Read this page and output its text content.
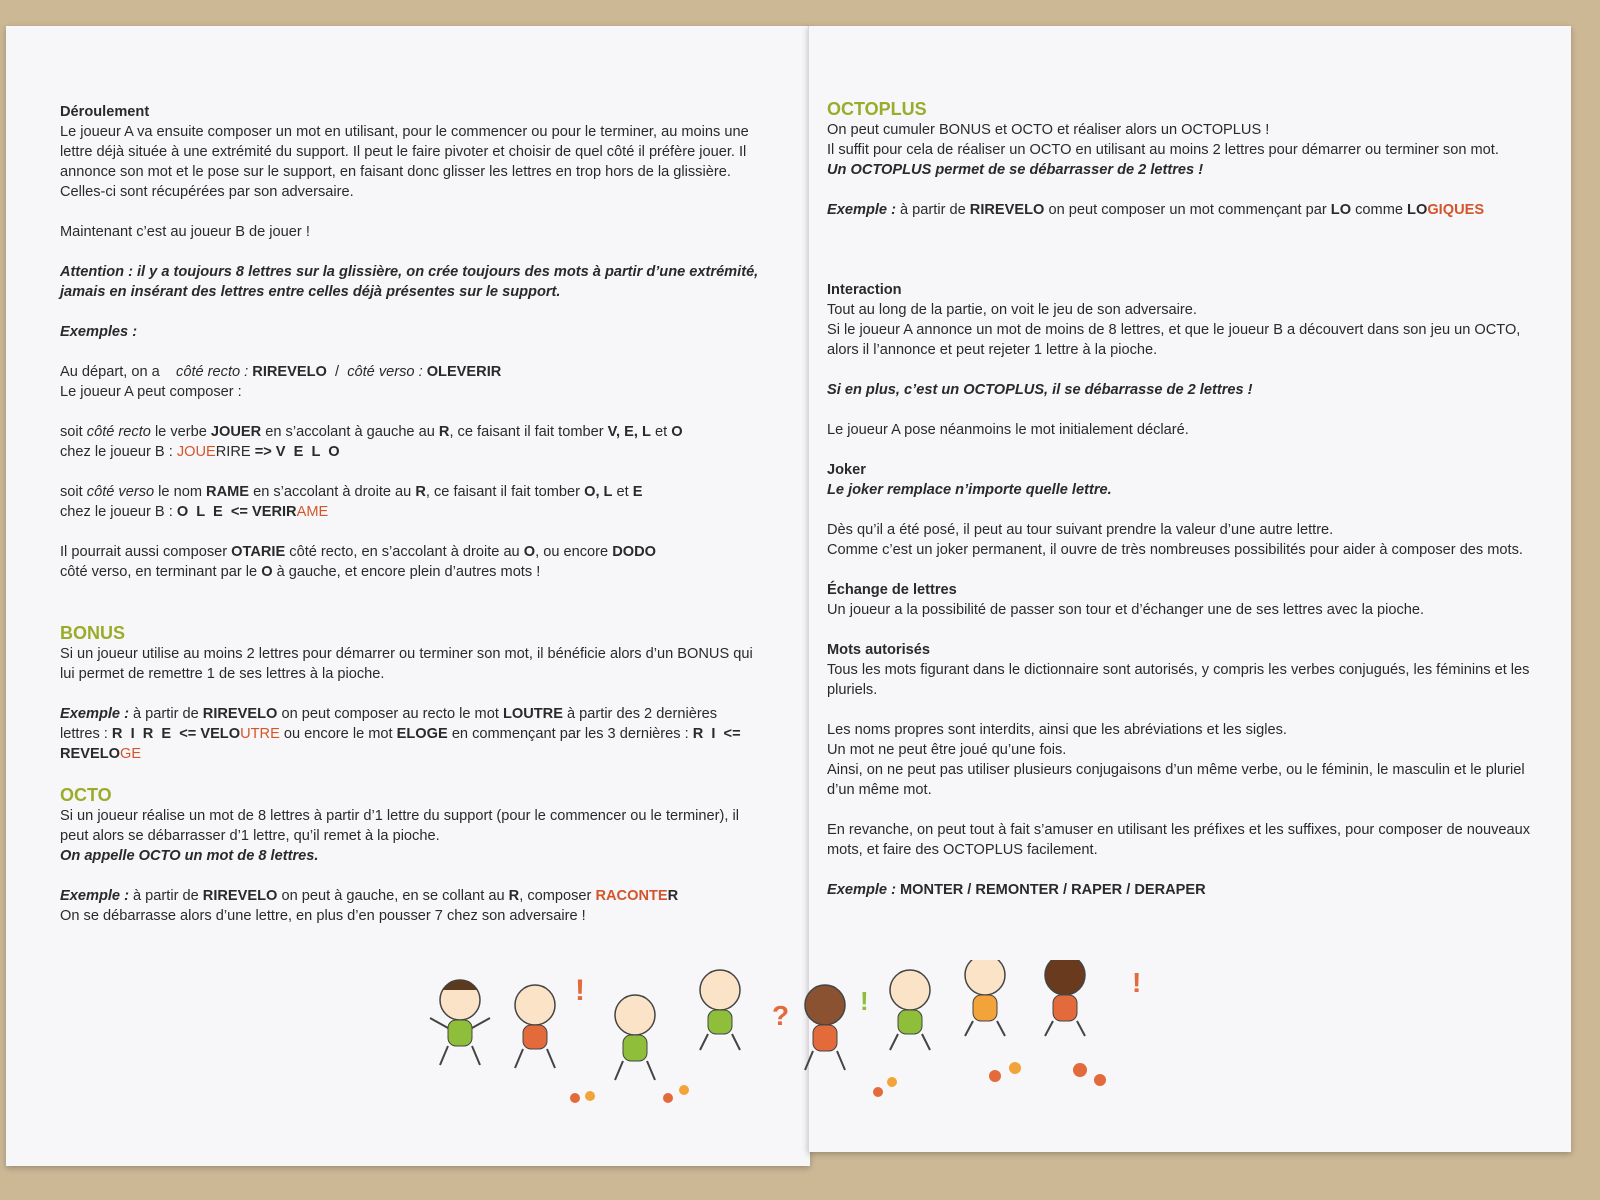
Déroulement

Le joueur A va ensuite composer un mot en utilisant, pour le commencer ou pour le terminer, au moins une lettre déjà située à une extrémité du support. Il peut le faire pivoter et choisir de quel côté il préfère jouer. Il annonce son mot et le pose sur le support, en faisant donc glisser les lettres en trop hors de la glissière. Celles-ci sont récupérées par son adversaire.

Maintenant c’est au joueur B de jouer !

Attention : il y a toujours 8 lettres sur la glissière, on crée toujours des mots à partir d’une extrémité, jamais en insérant des lettres entre celles déjà présentes sur le support.

Exemples :

Au départ, on a côté recto : RIREVELO / côté verso : OLEVERIR

Le joueur A peut composer :

soit côté recto le verbe JOUER en s’accolant à gauche au R, ce faisant il fait tomber V, E, L et O

chez le joueur B : JOUERIRE => V  E  L  O

soit côté verso le nom RAME en s’accolant à droite au R, ce faisant il fait tomber O, L et E

chez le joueur B : O  L  E  <= VERIRAME

Il pourrait aussi composer OTARIE côté recto, en s’accolant à droite au O, ou encore DODO

côté verso, en terminant par le O à gauche, et encore plein d’autres mots !

BONUS

Si un joueur utilise au moins 2 lettres pour démarrer ou terminer son mot, il bénéficie alors d’un BONUS qui lui permet de remettre 1 de ses lettres à la pioche.

Exemple : à partir de RIREVELO on peut composer au recto le mot LOUTRE à partir des 2 dernières lettres : R  I  R  E  <= VELOUTRE ou encore le mot ELOGE en commençant par les 3 dernières : R  I  <= REVELOGE

OCTO

Si un joueur réalise un mot de 8 lettres à partir d’1 lettre du support (pour le commencer ou le terminer), il peut alors se débarrasser d’1 lettre, qu’il remet à la pioche.

On appelle OCTO un mot de 8 lettres.

Exemple : à partir de RIREVELO on peut à gauche, en se collant au R, composer RACONTER

On se débarrasse alors d’une lettre, en plus d’en pousser 7 chez son adversaire !

OCTOPLUS

On peut cumuler BONUS et OCTO et réaliser alors un OCTOPLUS !

Il suffit pour cela de réaliser un OCTO en utilisant au moins 2 lettres pour démarrer ou terminer son mot.

Un OCTOPLUS permet de se débarrasser de 2 lettres !

Exemple : à partir de RIREVELO on peut composer un mot commençant par LO comme LOGIQUES

Interaction

Tout au long de la partie, on voit le jeu de son adversaire.

Si le joueur A annonce un mot de moins de 8 lettres, et que le joueur B a découvert dans son jeu un OCTO, alors il l’annonce et peut rejeter 1 lettre à la pioche.

Si en plus, c’est un OCTOPLUS, il se débarrasse de 2 lettres !

Le joueur A pose néanmoins le mot initialement déclaré.

Joker

Le joker remplace n’importe quelle lettre.

Dès qu’il a été posé, il peut au tour suivant prendre la valeur d’une autre lettre.

Comme c’est un joker permanent, il ouvre de très nombreuses possibilités pour aider à composer des mots.

Échange de lettres

Un joueur a la possibilité de passer son tour et d’échanger une de ses lettres avec la pioche.

Mots autorisés

Tous les mots figurant dans le dictionnaire sont autorisés, y compris les verbes conjugués, les féminins et les pluriels.

Les noms propres sont interdits, ainsi que les abréviations et les sigles.

Un mot ne peut être joué qu’une fois.

Ainsi, on ne peut pas utiliser plusieurs conjugaisons d’un même verbe, ou le féminin, le masculin et le pluriel d’un même mot.

En revanche, on peut tout à fait s’amuser en utilisant les préfixes et les suffixes, pour composer de nouveaux mots, et faire des OCTOPLUS facilement.

Exemple : MONTER / REMONTER / RAPER / DERAPER

!
?	!
!
